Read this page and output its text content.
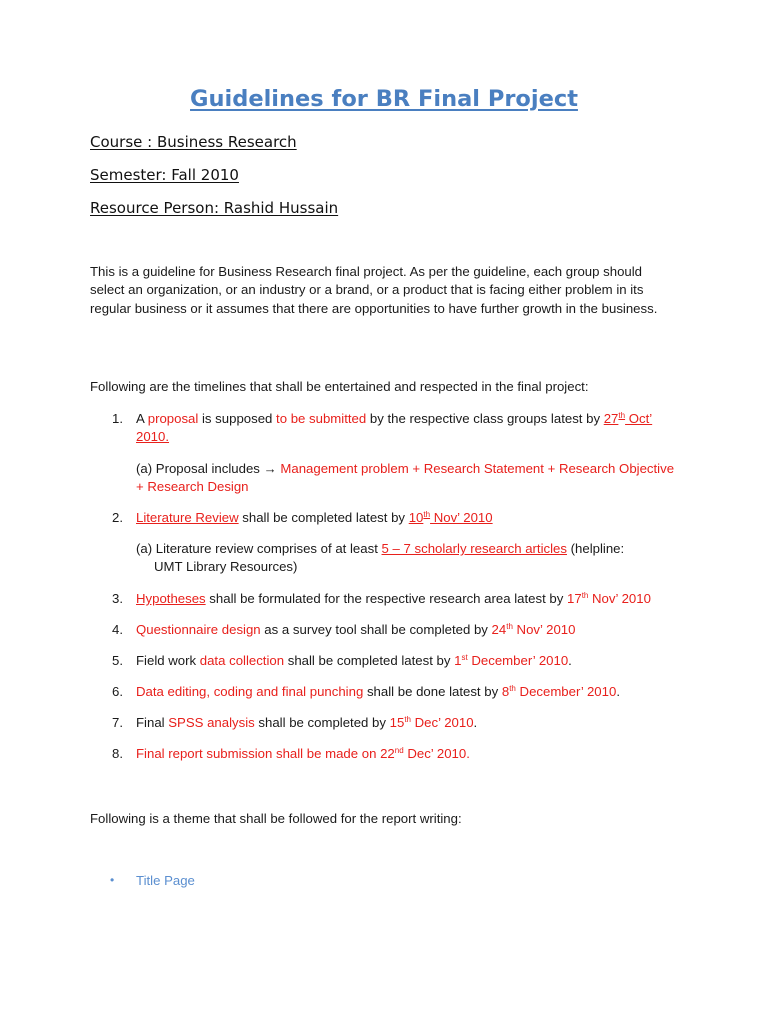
Guidelines for BR Final Project

Course : Business Research

Semester: Fall 2010

Resource Person: Rashid Hussain

This is a guideline for Business Research final project. As per the guideline, each group should select an organization, or an industry or a brand, or a product that is facing either problem in its regular business or it assumes that there are opportunities to have further growth in the business.

Following are the timelines that shall be entertained and respected in the final project:

1. A proposal is supposed to be submitted by the respective class groups latest by 27th Oct’ 2010.
(a) Proposal includes → Management problem + Research Statement + Research Objective + Research Design
2. Literature Review shall be completed latest by 10th Nov’ 2010
(a) Literature review comprises of at least 5 – 7 scholarly research articles (helpline:
UMT Library Resources)
3. Hypotheses shall be formulated for the respective research area latest by 17th Nov’ 2010
4. Questionnaire design as a survey tool shall be completed by 24th Nov’ 2010
5. Field work data collection shall be completed latest by 1st December’ 2010.
6. Data editing, coding and final punching shall be done latest by 8th December’ 2010.
7. Final SPSS analysis shall be completed by 15th Dec’ 2010.
8. Final report submission shall be made on 22nd Dec’ 2010.

Following is a theme that shall be followed for the report writing:

• Title Page
